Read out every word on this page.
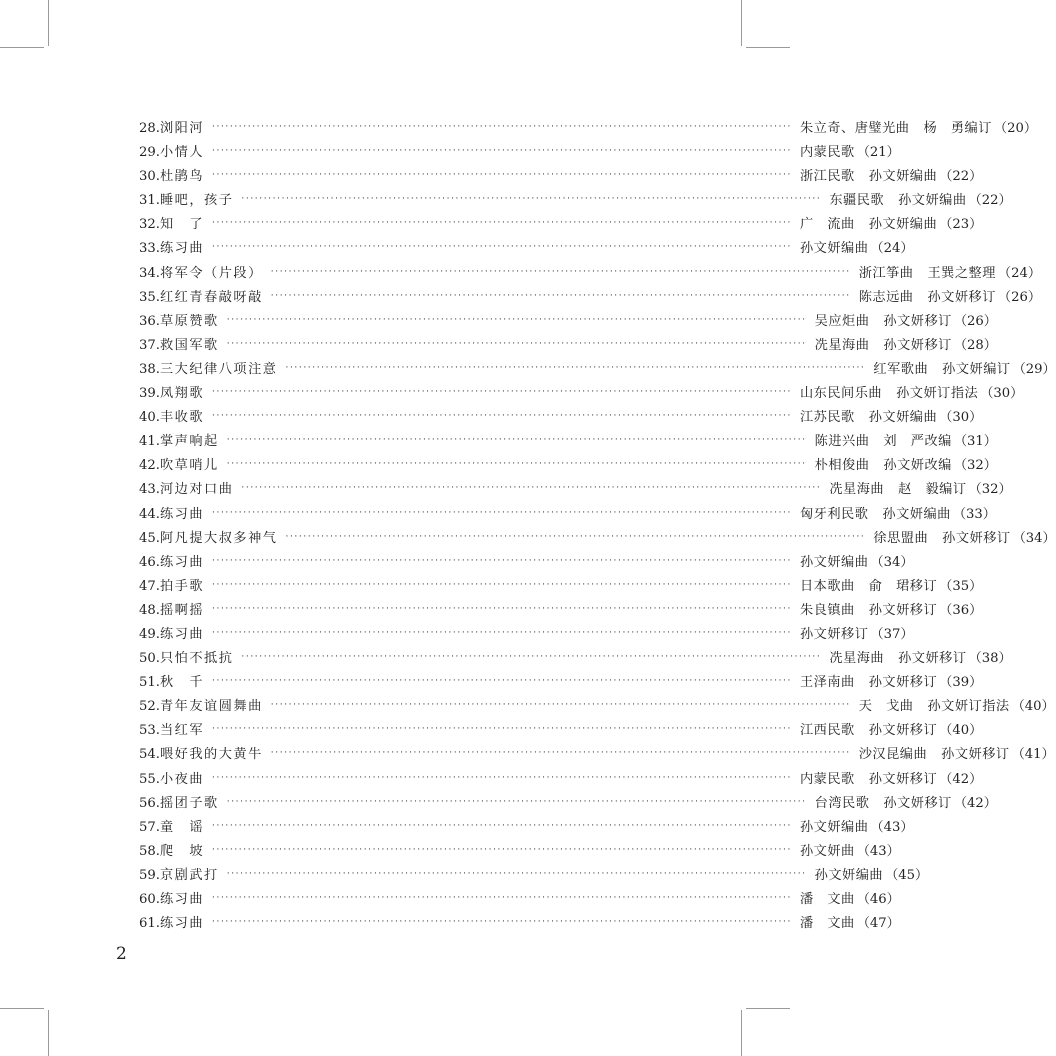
28. 浏阳河 ·································································································································· 朱立奇、唐璧光曲 杨　勇编订 （20）
29. 小情人 ·································································································································· 内蒙民歌 （21）
30. 杜鹃鸟 ·································································································································· 浙江民歌 孙文妍编曲 （22）
31. 睡吧，孩子 ·································································································································· 东疆民歌 孙文妍编曲 （22）
32. 知　了 ·································································································································· 广　流曲 孙文妍编曲 （23）
33. 练习曲 ·································································································································· 孙文妍编曲 （24）
34. 将军令（片段） ·································································································································· 浙江筝曲 王巽之整理 （24）
35. 红红青春敲呀敲 ·································································································································· 陈志远曲 孙文妍移订 （26）
36. 草原赞歌 ·································································································································· 吴应炬曲 孙文妍移订 （26）
37. 救国军歌 ·································································································································· 冼星海曲 孙文妍移订 （28）
38. 三大纪律八项注意 ·································································································································· 红军歌曲 孙文妍编订 （29）
39. 凤翔歌 ·································································································································· 山东民间乐曲 孙文妍订指法 （30）
40. 丰收歌 ·································································································································· 江苏民歌 孙文妍编曲 （30）
41. 掌声响起 ·································································································································· 陈进兴曲 刘　严改编 （31）
42. 吹草哨儿 ·································································································································· 朴相俊曲 孙文妍改编 （32）
43. 河边对口曲 ·································································································································· 冼星海曲 赵　毅编订 （32）
44. 练习曲 ·································································································································· 匈牙利民歌 孙文妍编曲 （33）
45. 阿凡提大叔多神气 ·································································································································· 徐思盟曲 孙文妍移订 （34）
46. 练习曲 ·································································································································· 孙文妍编曲 （34）
47. 拍手歌 ·································································································································· 日本歌曲 俞　珺移订 （35）
48. 摇啊摇 ·································································································································· 朱良镇曲 孙文妍移订 （36）
49. 练习曲 ·································································································································· 孙文妍移订 （37）
50. 只怕不抵抗 ·································································································································· 冼星海曲 孙文妍移订 （38）
51. 秋　千 ·································································································································· 王泽南曲 孙文妍移订 （39）
52. 青年友谊圆舞曲 ·································································································································· 天　戈曲 孙文妍订指法 （40）
53. 当红军 ·································································································································· 江西民歌 孙文妍移订 （40）
54. 喂好我的大黄牛 ·································································································································· 沙汉昆编曲 孙文妍移订 （41）
55. 小夜曲 ·································································································································· 内蒙民歌 孙文妍移订 （42）
56. 摇团子歌 ·································································································································· 台湾民歌 孙文妍移订 （42）
57. 童　谣 ·································································································································· 孙文妍编曲 （43）
58. 爬　坡 ·································································································································· 孙文妍曲 （43）
59. 京剧武打 ·································································································································· 孙文妍编曲 （45）
60. 练习曲 ·································································································································· 潘　文曲 （46）
61. 练习曲 ·································································································································· 潘　文曲 （47）
2
